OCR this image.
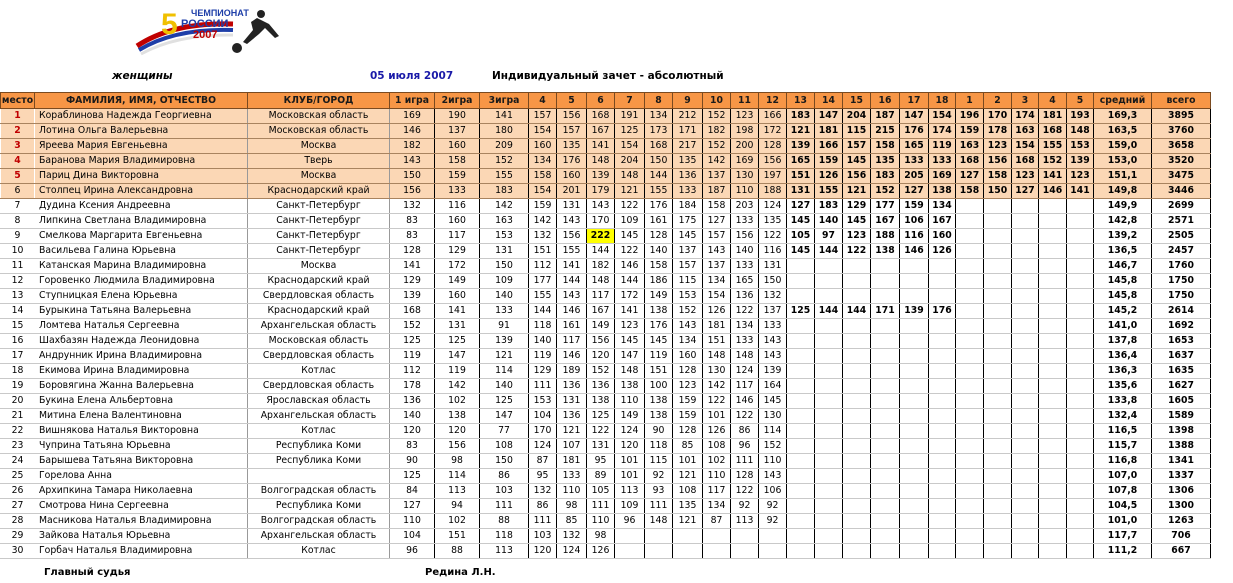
5 ЧЕМПИОНАТ
РОССИИ
2007
женщины	05 июля 2007	Индивидуальный зачет - абсолютный
место	ФАМИЛИЯ, ИМЯ, ОТЧЕСТВО	КЛУБ/ГОРОД	1 игра	2игра	3игра	4	5	6	7	8	9	10	11	12	13	14	15	16	17	18	1	2	3	4	5	средний	всего
1	Кораблинова Надежда Георгиевна	Московская область	169	190	141	157	156	168	191	134	212	152	123	166	183	147	204	187	147	154	196	170	174	181	193	169,3	3895
2	Лотина Ольга Валерьевна	Московская область	146	137	180	154	157	167	125	173	171	182	198	172	121	181	115	215	176	174	159	178	163	168	148	163,5	3760
3	Яреева Мария Евгеньевна	Москва	182	160	209	160	135	141	154	168	217	152	200	128	139	166	157	158	165	119	163	123	154	155	153	159,0	3658
4	Баранова Мария Владимировна	Тверь	143	158	152	134	176	148	204	150	135	142	169	156	165	159	145	135	133	133	168	156	168	152	139	153,0	3520
5	Париц Дина Викторовна	Москва	150	159	155	158	160	139	148	144	136	137	130	197	151	126	156	183	205	169	127	158	123	141	123	151,1	3475
6	Столпец Ирина Александровна	Краснодарский край	156	133	183	154	201	179	121	155	133	187	110	188	131	155	121	152	127	138	158	150	127	146	141	149,8	3446
7	Дудина Ксения Андреевна	Санкт-Петербург	132	116	142	159	131	143	122	176	184	158	203	124	127	183	129	177	159	134						149,9	2699
8	Липкина Светлана Владимировна	Санкт-Петербург	83	160	163	142	143	170	109	161	175	127	133	135	145	140	145	167	106	167						142,8	2571
9	Смелкова Маргарита Евгеньевна	Санкт-Петербург	83	117	153	132	156	222	145	128	145	157	156	122	105	97	123	188	116	160						139,2	2505
10	Васильева Галина Юрьевна	Санкт-Петербург	128	129	131	151	155	144	122	140	137	143	140	116	145	144	122	138	146	126						136,5	2457
11	Катанская Марина Владимировна	Москва	141	172	150	112	141	182	146	158	157	137	133	131												146,7	1760
12	Горовенко Людмила Владимировна	Краснодарский край	129	149	109	177	144	148	144	186	115	134	165	150												145,8	1750
13	Ступницкая Елена Юрьевна	Свердловская область	139	160	140	155	143	117	172	149	153	154	136	132												145,8	1750
14	Бурыкина Татьяна Валерьевна	Краснодарский край	168	141	133	144	146	167	141	138	152	126	122	137	125	144	144	171	139	176						145,2	2614
15	Ломтева Наталья Сергеевна	Архангельская область	152	131	91	118	161	149	123	176	143	181	134	133												141,0	1692
16	Шахбазян Надежда Леонидовна	Московская область	125	125	139	140	117	156	145	145	134	151	133	143												137,8	1653
17	Андрунник Ирина Владимировна	Свердловская область	119	147	121	119	146	120	147	119	160	148	148	143												136,4	1637
18	Екимова Ирина Владимировна	Котлас	112	119	114	129	189	152	148	151	128	130	124	139												136,3	1635
19	Боровягина Жанна Валерьевна	Свердловская область	178	142	140	111	136	136	138	100	123	142	117	164												135,6	1627
20	Букина Елена Альбертовна	Ярославская область	136	102	125	153	131	138	110	138	159	122	146	145												133,8	1605
21	Митина Елена Валентиновна	Архангельская область	140	138	147	104	136	125	149	138	159	101	122	130												132,4	1589
22	Вишнякова Наталья Викторовна	Котлас	120	120	77	170	121	122	124	90	128	126	86	114												116,5	1398
23	Чуприна Татьяна Юрьевна	Республика Коми	83	156	108	124	107	131	120	118	85	108	96	152												115,7	1388
24	Барышева Татьяна Викторовна	Республика Коми	90	98	150	87	181	95	101	115	101	102	111	110												116,8	1341
25	Горелова Анна		125	114	86	95	133	89	101	92	121	110	128	143												107,0	1337
26	Архипкина Тамара Николаевна	Волгоградская область	84	113	103	132	110	105	113	93	108	117	122	106												107,8	1306
27	Смотрова Нина Сергеевна	Республика Коми	127	94	111	86	98	111	109	111	135	134	92	92												104,5	1300
28	Масникова Наталья Владимировна	Волгоградская область	110	102	88	111	85	110	96	148	121	87	113	92												101,0	1263
29	Зайкова Наталья Юрьевна	Архангельская область	104	151	118	103	132	98																		117,7	706
30	Горбач Наталья Владимировна	Котлас	96	88	113	120	124	126																		111,2	667
Главный судья	Редина Л.Н.
